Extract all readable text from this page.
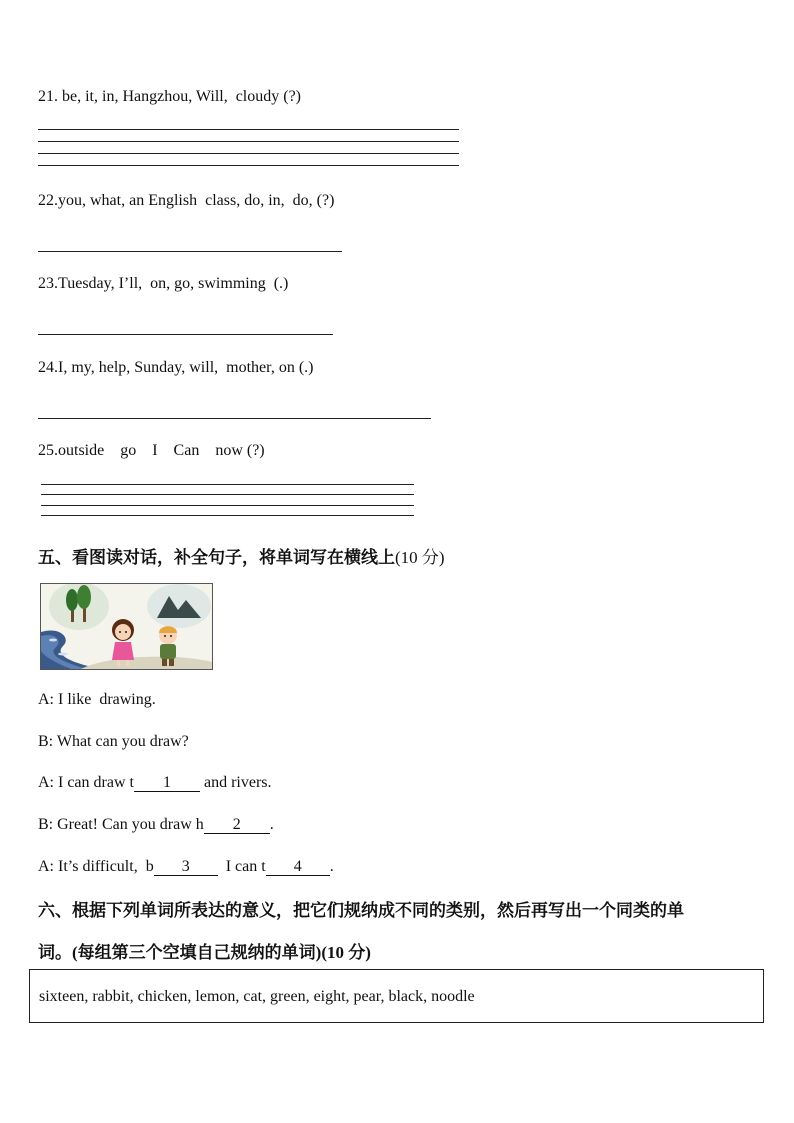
21. be, it, in, Hangzhou, Will,  cloudy (?)
22.you, what, an English  class, do, in,  do, (?)
23.Tuesday, I’ll,  on, go, swimming  (.)
24.I, my, help, Sunday, will,  mother, on (.)
25.outside    go    I    Can    now (?)
五、看图读对话，补全句子，将单词写在横线上(10 分)
A: I like  drawing.
B: What can you draw?
A: I can draw t 1 and rivers.
B: Great! Can you draw h 2 .
A: It’s difficult,  b 3  I can t 4 .
六、根据下列单词所表达的意义，把它们规纳成不同的类别，然后再写出一个同类的单
词。(每组第三个空填自己规纳的单词)(10 分)
sixteen, rabbit, chicken, lemon, cat, green, eight, pear, black, noodle
